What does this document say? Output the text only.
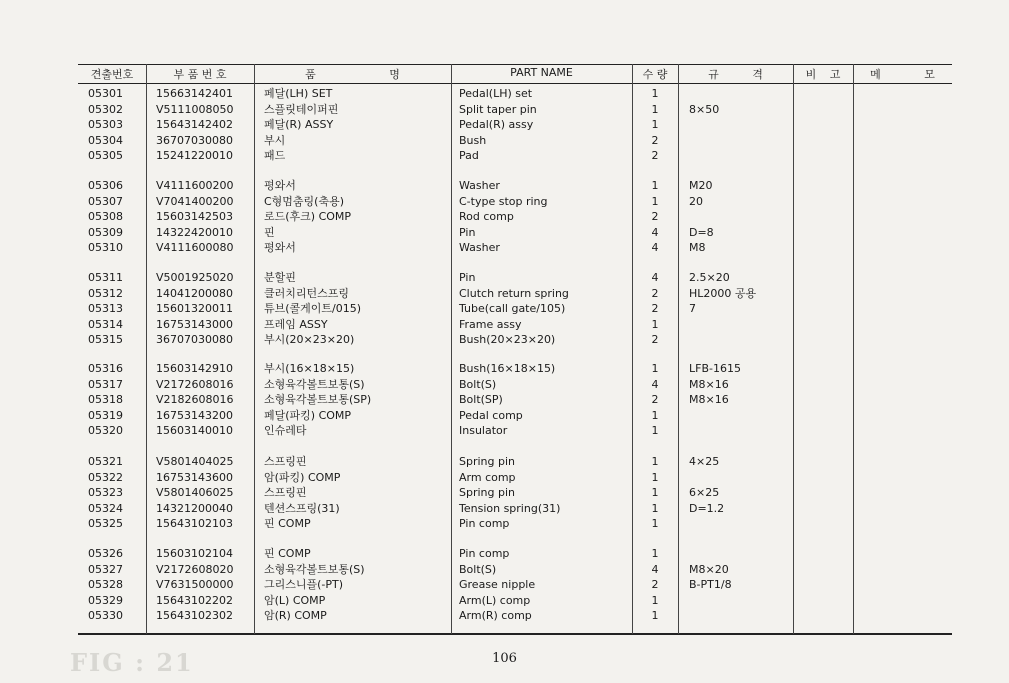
견출번호	부 품 번 호	품 명	PART NAME	수 량	규 격	비 고	메 모
05301	15663142401	페달(LH) SET	Pedal(LH) set	1
05302	V5111008050	스플릿테이퍼핀	Split taper pin	1	8×50
05303	15643142402	페달(R) ASSY	Pedal(R) assy	1
05304	36707030080	부시	Bush	2
05305	15241220010	패드	Pad	2
05306	V4111600200	평와서	Washer	1	M20
05307	V7041400200	C형멈춤링(축용)	C-type stop ring	1	20
05308	15603142503	로드(후크) COMP	Rod comp	2
05309	14322420010	핀	Pin	4	D=8
05310	V4111600080	평와서	Washer	4	M8
05311	V5001925020	분할핀	Pin	4	2.5×20
05312	14041200080	클러치리턴스프링	Clutch return spring	2	HL2000 공용
05313	15601320011	튜브(콜게이트/015)	Tube(call gate/105)	2	7
05314	16753143000	프레임 ASSY	Frame assy	1
05315	36707030080	부시(20×23×20)	Bush(20×23×20)	2
05316	15603142910	부시(16×18×15)	Bush(16×18×15)	1	LFB-1615
05317	V2172608016	소형육각볼트보통(S)	Bolt(S)	4	M8×16
05318	V2182608016	소형육각볼트보통(SP)	Bolt(SP)	2	M8×16
05319	16753143200	페달(파킹) COMP	Pedal comp	1
05320	15603140010	인슈레타	Insulator	1
05321	V5801404025	스프링핀	Spring pin	1	4×25
05322	16753143600	암(파킹) COMP	Arm comp	1
05323	V5801406025	스프링핀	Spring pin	1	6×25
05324	14321200040	텐션스프링(31)	Tension spring(31)	1	D=1.2
05325	15643102103	핀 COMP	Pin comp	1
05326	15603102104	핀 COMP	Pin comp	1
05327	V2172608020	소형육각볼트보통(S)	Bolt(S)	4	M8×20
05328	V7631500000	그리스니플(-PT)	Grease nipple	2	B-PT1/8
05329	15643102202	암(L) COMP	Arm(L) comp	1
05330	15643102302	암(R) COMP	Arm(R) comp	1
FIG : 21	106
